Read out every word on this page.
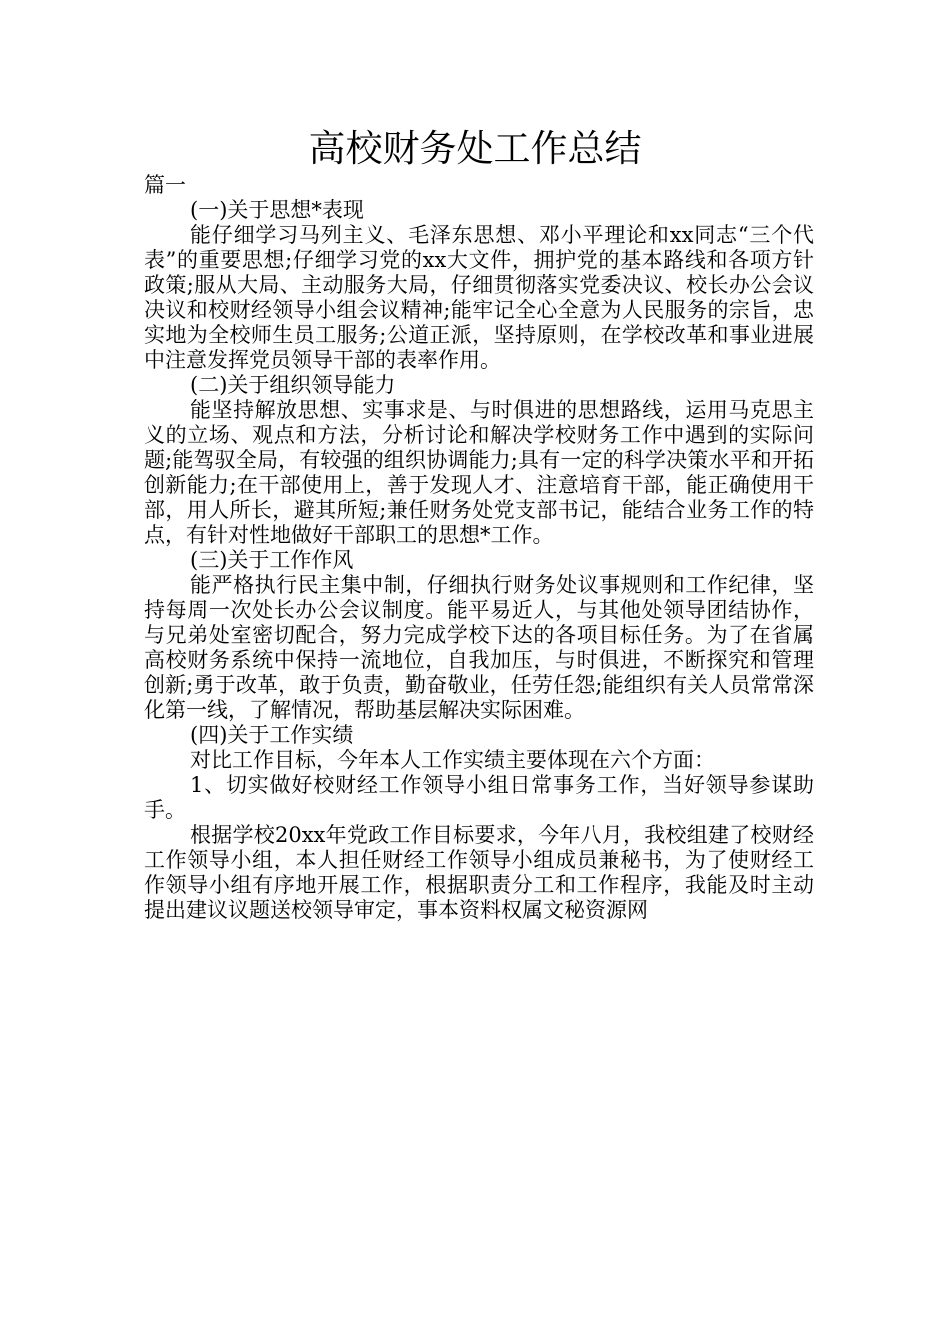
高校财务处工作总结

篇一

(一)关于思想*表现

能仔细学习马列主义、毛泽东思想、邓小平理论和xx同志“三个代表”的重要思想;仔细学习党的xx大文件，拥护党的基本路线和各项方针政策;服从大局、主动服务大局，仔细贯彻落实党委决议、校长办公会议决议和校财经领导小组会议精神;能牢记全心全意为人民服务的宗旨，忠实地为全校师生员工服务;公道正派，坚持原则，在学校改革和事业进展中注意发挥党员领导干部的表率作用。

(二)关于组织领导能力

能坚持解放思想、实事求是、与时俱进的思想路线，运用马克思主义的立场、观点和方法，分析讨论和解决学校财务工作中遇到的实际问题;能驾驭全局，有较强的组织协调能力;具有一定的科学决策水平和开拓创新能力;在干部使用上，善于发现人才、注意培育干部，能正确使用干部，用人所长，避其所短;兼任财务处党支部书记，能结合业务工作的特点，有针对性地做好干部职工的思想*工作。

(三)关于工作作风

能严格执行民主集中制，仔细执行财务处议事规则和工作纪律，坚持每周一次处长办公会议制度。能平易近人，与其他处领导团结协作，与兄弟处室密切配合，努力完成学校下达的各项目标任务。为了在省属高校财务系统中保持一流地位，自我加压，与时俱进，不断探究和管理创新;勇于改革，敢于负责，勤奋敬业，任劳任怨;能组织有关人员常常深化第一线，了解情况，帮助基层解决实际困难。

(四)关于工作实绩

对比工作目标，今年本人工作实绩主要体现在六个方面：

1、切实做好校财经工作领导小组日常事务工作，当好领导参谋助手。

根据学校20xx年党政工作目标要求，今年八月，我校组建了校财经工作领导小组，本人担任财经工作领导小组成员兼秘书，为了使财经工作领导小组有序地开展工作，根据职责分工和工作程序，我能及时主动提出建议议题送校领导审定，事本资料权属文秘资源网
